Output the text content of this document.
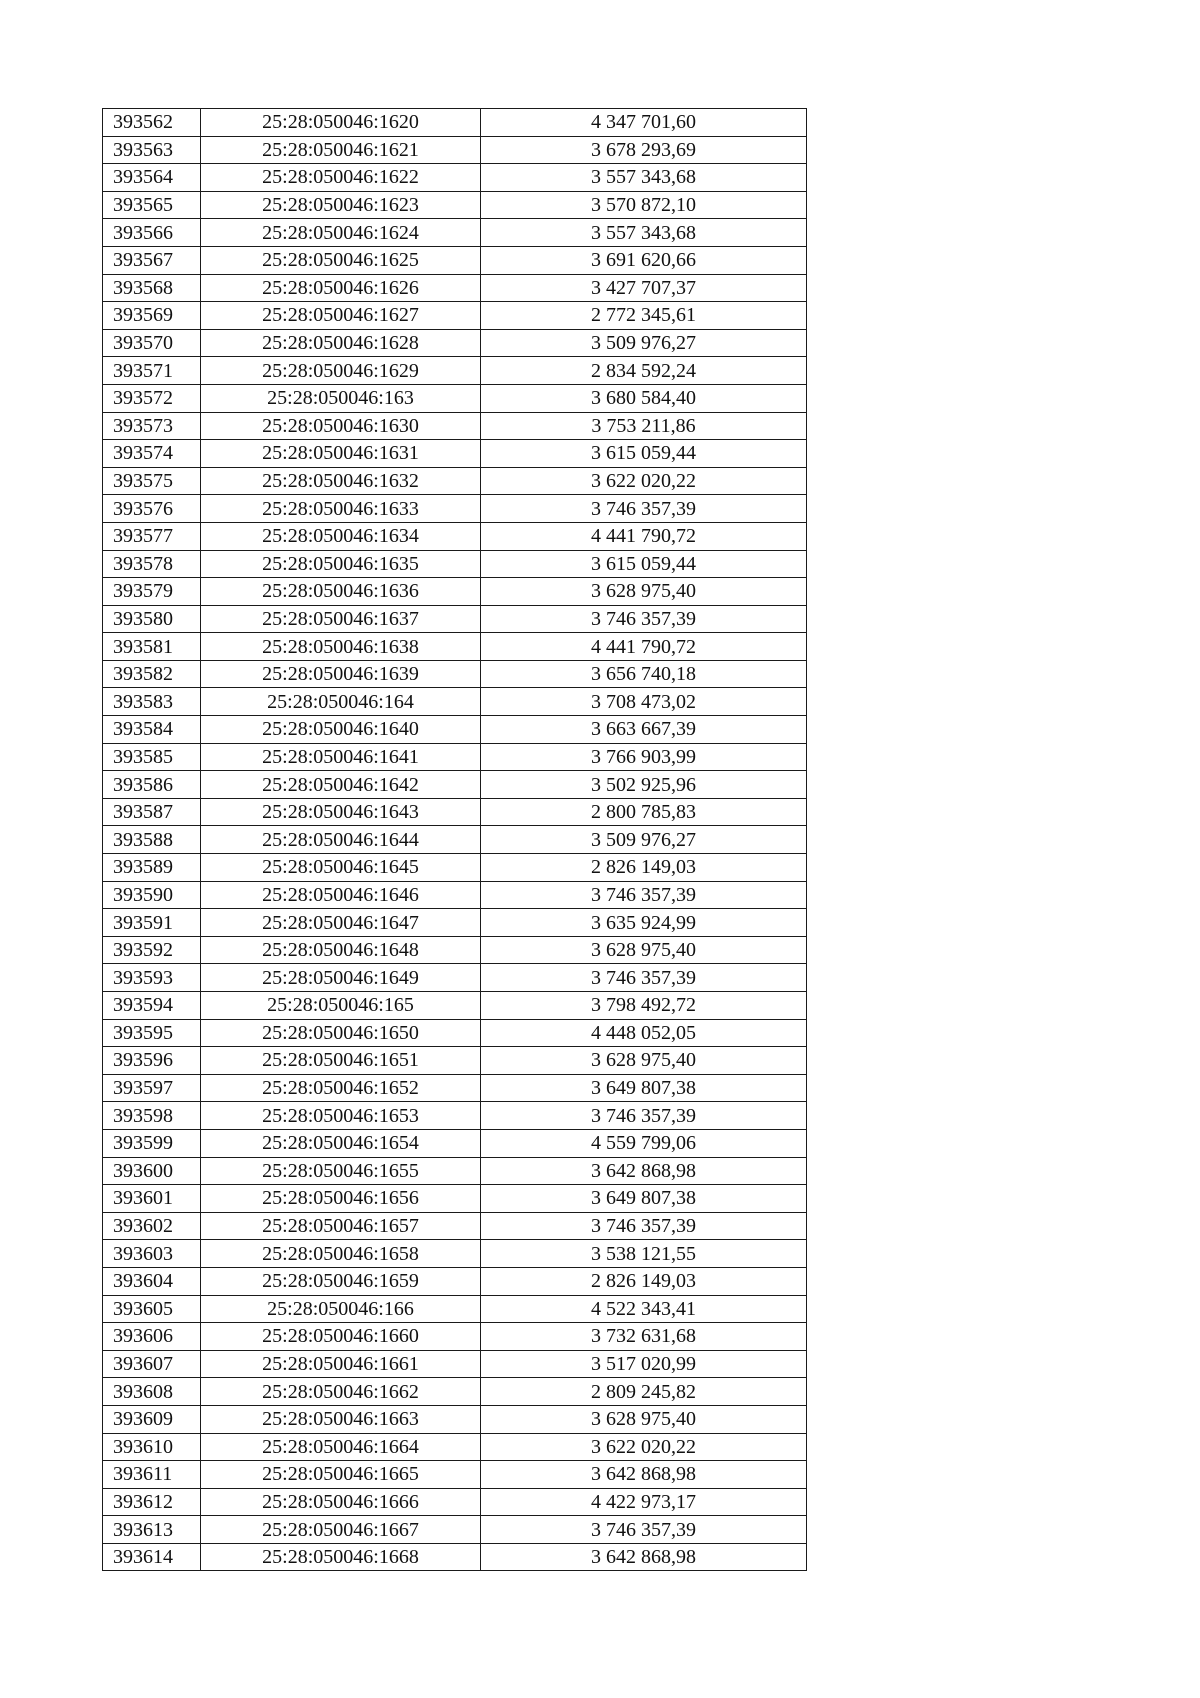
393562	25:28:050046:1620	4 347 701,60
393563	25:28:050046:1621	3 678 293,69
393564	25:28:050046:1622	3 557 343,68
393565	25:28:050046:1623	3 570 872,10
393566	25:28:050046:1624	3 557 343,68
393567	25:28:050046:1625	3 691 620,66
393568	25:28:050046:1626	3 427 707,37
393569	25:28:050046:1627	2 772 345,61
393570	25:28:050046:1628	3 509 976,27
393571	25:28:050046:1629	2 834 592,24
393572	25:28:050046:163	3 680 584,40
393573	25:28:050046:1630	3 753 211,86
393574	25:28:050046:1631	3 615 059,44
393575	25:28:050046:1632	3 622 020,22
393576	25:28:050046:1633	3 746 357,39
393577	25:28:050046:1634	4 441 790,72
393578	25:28:050046:1635	3 615 059,44
393579	25:28:050046:1636	3 628 975,40
393580	25:28:050046:1637	3 746 357,39
393581	25:28:050046:1638	4 441 790,72
393582	25:28:050046:1639	3 656 740,18
393583	25:28:050046:164	3 708 473,02
393584	25:28:050046:1640	3 663 667,39
393585	25:28:050046:1641	3 766 903,99
393586	25:28:050046:1642	3 502 925,96
393587	25:28:050046:1643	2 800 785,83
393588	25:28:050046:1644	3 509 976,27
393589	25:28:050046:1645	2 826 149,03
393590	25:28:050046:1646	3 746 357,39
393591	25:28:050046:1647	3 635 924,99
393592	25:28:050046:1648	3 628 975,40
393593	25:28:050046:1649	3 746 357,39
393594	25:28:050046:165	3 798 492,72
393595	25:28:050046:1650	4 448 052,05
393596	25:28:050046:1651	3 628 975,40
393597	25:28:050046:1652	3 649 807,38
393598	25:28:050046:1653	3 746 357,39
393599	25:28:050046:1654	4 559 799,06
393600	25:28:050046:1655	3 642 868,98
393601	25:28:050046:1656	3 649 807,38
393602	25:28:050046:1657	3 746 357,39
393603	25:28:050046:1658	3 538 121,55
393604	25:28:050046:1659	2 826 149,03
393605	25:28:050046:166	4 522 343,41
393606	25:28:050046:1660	3 732 631,68
393607	25:28:050046:1661	3 517 020,99
393608	25:28:050046:1662	2 809 245,82
393609	25:28:050046:1663	3 628 975,40
393610	25:28:050046:1664	3 622 020,22
393611	25:28:050046:1665	3 642 868,98
393612	25:28:050046:1666	4 422 973,17
393613	25:28:050046:1667	3 746 357,39
393614	25:28:050046:1668	3 642 868,98
